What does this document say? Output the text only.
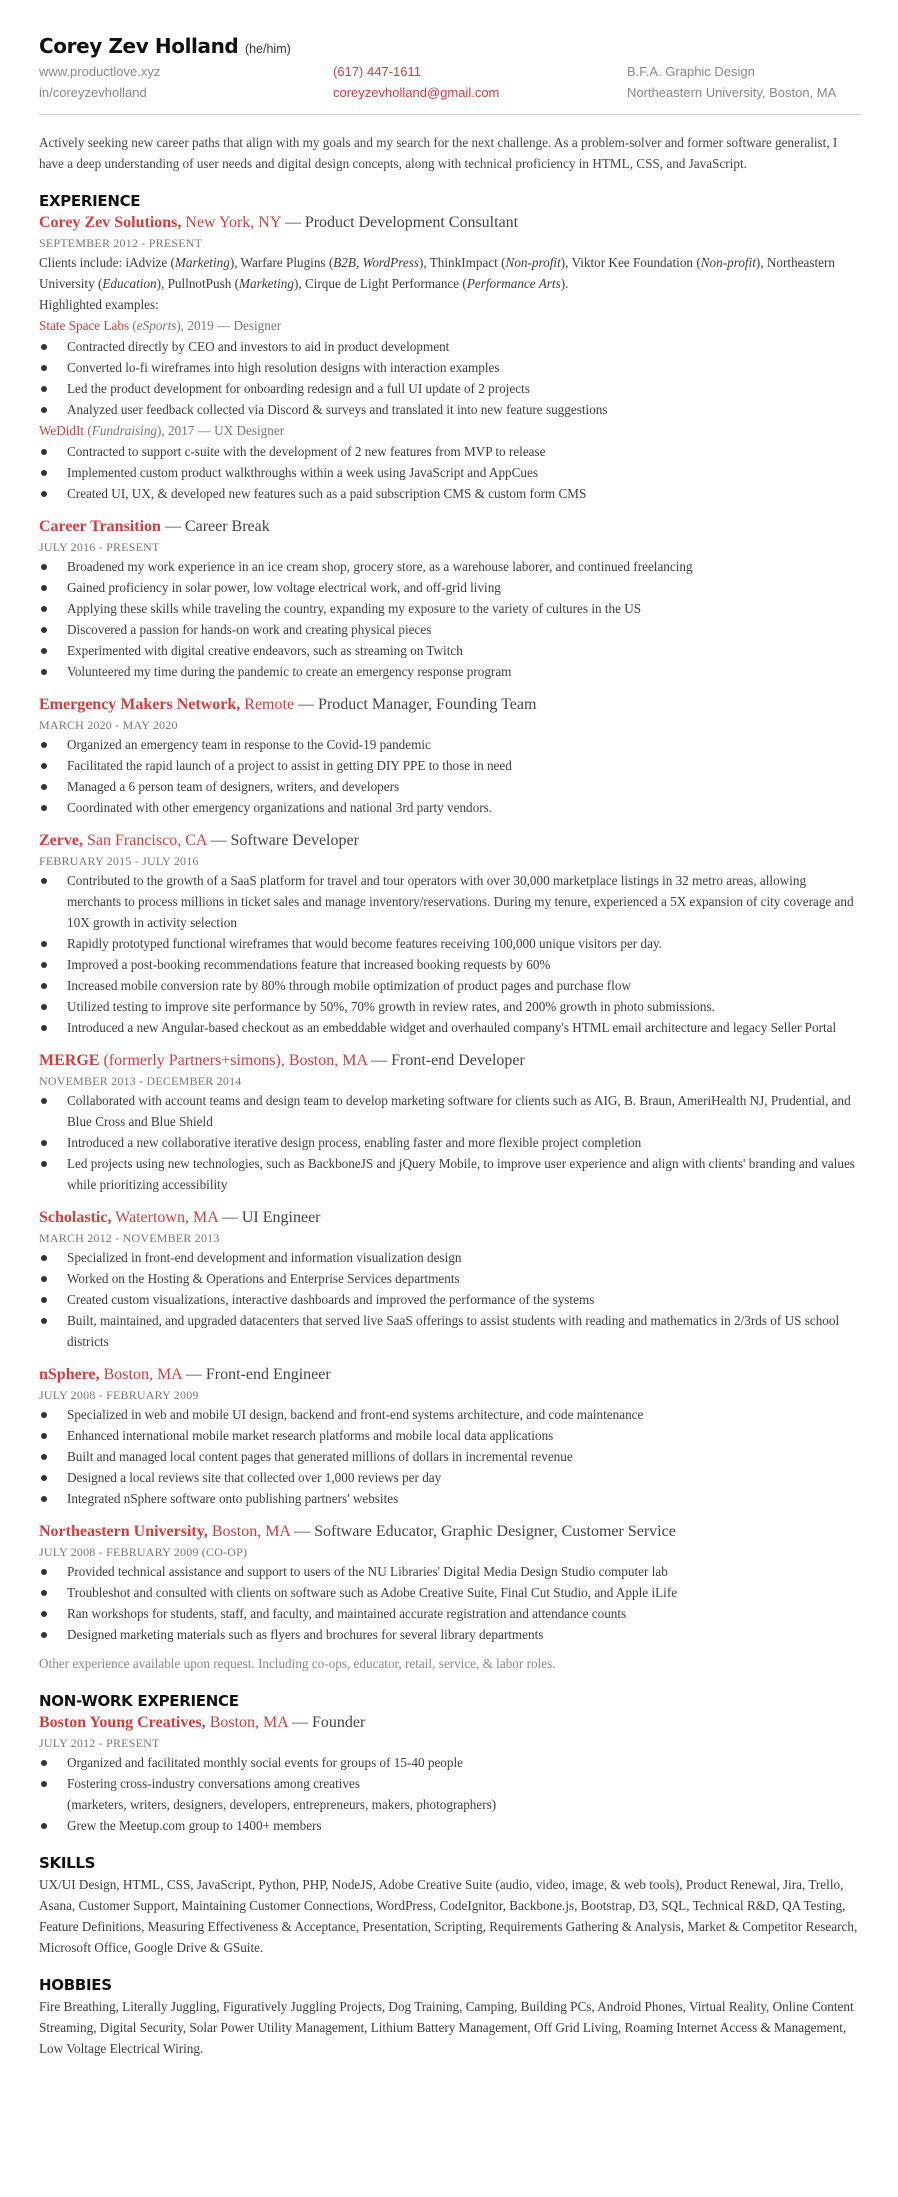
Corey Zev Holland (he/him)
www.productlove.xyz
in/coreyzevholland
(617) 447-1611
coreyzevholland@gmail.com
B.F.A. Graphic Design
Northeastern University, Boston, MA
Actively seeking new career paths that align with my goals and my search for the next challenge. As a problem-solver and former software generalist, I have a deep understanding of user needs and digital design concepts, along with technical proficiency in HTML, CSS, and JavaScript.
EXPERIENCE
Corey Zev Solutions, New York, NY — Product Development Consultant
SEPTEMBER 2012 - PRESENT
Clients include: iAdvize (Marketing), Warfare Plugins (B2B, WordPress), ThinkImpact (Non-profit), Viktor Kee Foundation (Non-profit), Northeastern University (Education), PullnotPush (Marketing), Cirque de Light Performance (Performance Arts).
Highlighted examples:
State Space Labs (eSports), 2019 — Designer
Contracted directly by CEO and investors to aid in product development
Converted lo-fi wireframes into high resolution designs with interaction examples
Led the product development for onboarding redesign and a full UI update of 2 projects
Analyzed user feedback collected via Discord & surveys and translated it into new feature suggestions
WeDidIt (Fundraising), 2017 — UX Designer
Contracted to support c-suite with the development of 2 new features from MVP to release
Implemented custom product walkthroughs within a week using JavaScript and AppCues
Created UI, UX, & developed new features such as a paid subscription CMS & custom form CMS
Career Transition — Career Break
JULY 2016 - PRESENT
Broadened my work experience in an ice cream shop, grocery store, as a warehouse laborer, and continued freelancing
Gained proficiency in solar power, low voltage electrical work, and off-grid living
Applying these skills while traveling the country, expanding my exposure to the variety of cultures in the US
Discovered a passion for hands-on work and creating physical pieces
Experimented with digital creative endeavors, such as streaming on Twitch
Volunteered my time during the pandemic to create an emergency response program
Emergency Makers Network, Remote — Product Manager, Founding Team
MARCH 2020 - MAY 2020
Organized an emergency team in response to the Covid-19 pandemic
Facilitated the rapid launch of a project to assist in getting DIY PPE to those in need
Managed a 6 person team of designers, writers, and developers
Coordinated with other emergency organizations and national 3rd party vendors.
Zerve, San Francisco, CA — Software Developer
FEBRUARY 2015 - JULY 2016
Contributed to the growth of a SaaS platform for travel and tour operators with over 30,000 marketplace listings in 32 metro areas, allowing merchants to process millions in ticket sales and manage inventory/reservations. During my tenure, experienced a 5X expansion of city coverage and 10X growth in activity selection
Rapidly prototyped functional wireframes that would become features receiving 100,000 unique visitors per day.
Improved a post-booking recommendations feature that increased booking requests by 60%
Increased mobile conversion rate by 80% through mobile optimization of product pages and purchase flow
Utilized testing to improve site performance by 50%, 70% growth in review rates, and 200% growth in photo submissions.
Introduced a new Angular-based checkout as an embeddable widget and overhauled company's HTML email architecture and legacy Seller Portal
MERGE (formerly Partners+simons), Boston, MA — Front-end Developer
NOVEMBER 2013 - DECEMBER 2014
Collaborated with account teams and design team to develop marketing software for clients such as AIG, B. Braun, AmeriHealth NJ, Prudential, and Blue Cross and Blue Shield
Introduced a new collaborative iterative design process, enabling faster and more flexible project completion
Led projects using new technologies, such as BackboneJS and jQuery Mobile, to improve user experience and align with clients' branding and values while prioritizing accessibility
Scholastic, Watertown, MA — UI Engineer
MARCH 2012 - NOVEMBER 2013
Specialized in front-end development and information visualization design
Worked on the Hosting & Operations and Enterprise Services departments
Created custom visualizations, interactive dashboards and improved the performance of the systems
Built, maintained, and upgraded datacenters that served live SaaS offerings to assist students with reading and mathematics in 2/3rds of US school districts
nSphere, Boston, MA — Front-end Engineer
JULY 2008 - FEBRUARY 2009
Specialized in web and mobile UI design, backend and front-end systems architecture, and code maintenance
Enhanced international mobile market research platforms and mobile local data applications
Built and managed local content pages that generated millions of dollars in incremental revenue
Designed a local reviews site that collected over 1,000 reviews per day
Integrated nSphere software onto publishing partners' websites
Northeastern University, Boston, MA — Software Educator, Graphic Designer, Customer Service
JULY 2008 - FEBRUARY 2009 (CO-OP)
Provided technical assistance and support to users of the NU Libraries' Digital Media Design Studio computer lab
Troubleshot and consulted with clients on software such as Adobe Creative Suite, Final Cut Studio, and Apple iLife
Ran workshops for students, staff, and faculty, and maintained accurate registration and attendance counts
Designed marketing materials such as flyers and brochures for several library departments
Other experience available upon request. Including co-ops, educator, retail, service, & labor roles.
NON-WORK EXPERIENCE
Boston Young Creatives, Boston, MA — Founder
JULY 2012 - PRESENT
Organized and facilitated monthly social events for groups of 15-40 people
Fostering cross-industry conversations among creatives
(marketers, writers, designers, developers, entrepreneurs, makers, photographers)
Grew the Meetup.com group to 1400+ members
SKILLS
UX/UI Design, HTML, CSS, JavaScript, Python, PHP, NodeJS, Adobe Creative Suite (audio, video, image, & web tools), Product Renewal, Jira, Trello, Asana, Customer Support, Maintaining Customer Connections, WordPress, CodeIgnitor, Backbone.js, Bootstrap, D3, SQL, Technical R&D, QA Testing, Feature Definitions, Measuring Effectiveness & Acceptance, Presentation, Scripting, Requirements Gathering & Analysis, Market & Competitor Research, Microsoft Office, Google Drive & GSuite.
HOBBIES
Fire Breathing, Literally Juggling, Figuratively Juggling Projects, Dog Training, Camping, Building PCs, Android Phones, Virtual Reality, Online Content Streaming, Digital Security, Solar Power Utility Management, Lithium Battery Management, Off Grid Living, Roaming Internet Access & Management, Low Voltage Electrical Wiring.
